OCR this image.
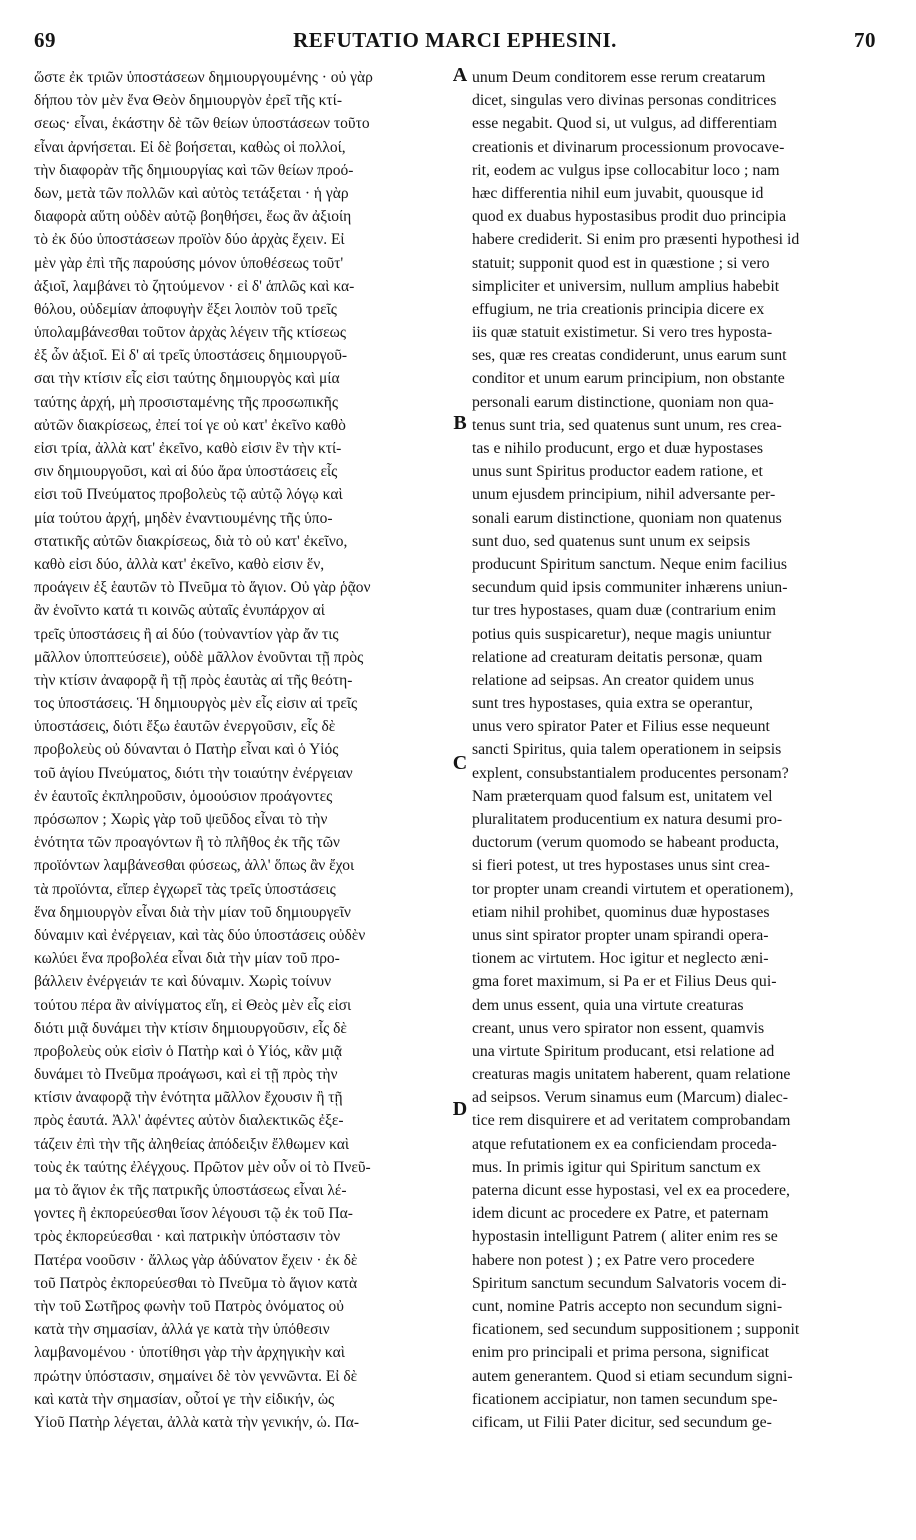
69	REFUTATIO MARCI EPHESINI.	70
ὥστε ἐκ τριῶν ὑποστάσεων δημιουργουμένης · οὐ γὰρ
δήπου τὸν μὲν ἕνα Θεὸν δημιουργὸν ἐρεῖ τῆς κτί-
σεως· εἶναι, ἑκάστην δὲ τῶν θείων ὑποστάσεων τοῦτο
εἶναι ἀρνήσεται. Εἰ δὲ βοήσεται, καθὼς οἱ πολλοί,
τὴν διαφορὰν τῆς δημιουργίας καὶ τῶν θείων προό-
δων, μετὰ τῶν πολλῶν καὶ αὐτὸς τετάξεται · ἡ γὰρ
διαφορὰ αὕτη οὐδὲν αὐτῷ βοηθήσει, ἕως ἂν ἀξιοίη
τὸ ἐκ δύο ὑποστάσεων προϊὸν δύο ἀρχὰς ἔχειν. Εἰ
μὲν γὰρ ἐπὶ τῆς παρούσης μόνον ὑποθέσεως τοῦτ'
ἀξιοῖ, λαμβάνει τὸ ζητούμενον · εἰ δ' ἁπλῶς καὶ κα-
θόλου, οὐδεμίαν ἀποφυγὴν ἕξει λοιπὸν τοῦ τρεῖς
ὑπολαμβάνεσθαι τοῦτον ἀρχὰς λέγειν τῆς κτίσεως
ἐξ ὧν ἀξιοῖ. Εἰ δ' αἱ τρεῖς ὑποστάσεις δημιουργοῦ-
σαι τὴν κτίσιν εἷς εἰσι ταύτης δημιουργὸς καὶ μία
ταύτης ἀρχή, μὴ προσισταμένης τῆς προσωπικῆς
αὐτῶν διακρίσεως, ἐπεί τοί γε οὐ κατ' ἐκεῖνο καθὸ
εἰσι τρία, ἀλλὰ κατ' ἐκεῖνο, καθὸ εἰσιν ἓν τὴν κτί-
σιν δημιουργοῦσι, καὶ αἱ δύο ἄρα ὑποστάσεις εἷς
εἰσι τοῦ Πνεύματος προβολεὺς τῷ αὐτῷ λόγῳ καὶ
μία τούτου ἀρχή, μηδὲν ἐναντιουμένης τῆς ὑπο-
στατικῆς αὐτῶν διακρίσεως, διὰ τὸ οὐ κατ' ἐκεῖνο,
καθὸ εἰσι δύο, ἀλλὰ κατ' ἐκεῖνο, καθὸ εἰσιν ἕν,
προάγειν ἐξ ἑαυτῶν τὸ Πνεῦμα τὸ ἅγιον. Οὐ γὰρ ῥᾷον
ἂν ἑνοῖντο κατά τι κοινῶς αὐταῖς ἐνυπάρχον αἱ
τρεῖς ὑποστάσεις ἢ αἱ δύο (τοὐναντίον γὰρ ἄν τις
μᾶλλον ὑποπτεύσειε), οὐδὲ μᾶλλον ἑνοῦνται τῇ πρὸς
τὴν κτίσιν ἀναφορᾷ ἢ τῇ πρὸς ἑαυτὰς αἱ τῆς θεότη-
τος ὑποστάσεις. Ἡ δημιουργὸς μὲν εἷς εἰσιν αἱ τρεῖς
ὑποστάσεις, διότι ἔξω ἑαυτῶν ἐνεργοῦσιν, εἷς δὲ
προβολεὺς οὐ δύνανται ὁ Πατὴρ εἶναι καὶ ὁ Υἱός
τοῦ ἁγίου Πνεύματος, διότι τὴν τοιαύτην ἐνέργειαν
ἐν ἑαυτοῖς ἐκπληροῦσιν, ὁμοούσιον προάγοντες
πρόσωπον ; Χωρὶς γὰρ τοῦ ψεῦδος εἶναι τὸ τὴν
ἑνότητα τῶν προαγόντων ἢ τὸ πλῆθος ἐκ τῆς τῶν
προϊόντων λαμβάνεσθαι φύσεως, ἀλλ' ὅπως ἂν ἔχοι
τὰ προϊόντα, εἴπερ ἐγχωρεῖ τὰς τρεῖς ὑποστάσεις
ἕνα δημιουργὸν εἶναι διὰ τὴν μίαν τοῦ δημιουργεῖν
δύναμιν καὶ ἐνέργειαν, καὶ τὰς δύο ὑποστάσεις οὐδὲν
κωλύει ἕνα προβολέα εἶναι διὰ τὴν μίαν τοῦ προ-
βάλλειν ἐνέργειάν τε καὶ δύναμιν. Χωρὶς τοίνυν
τούτου πέρα ἂν αἰνίγματος εἴη, εἰ Θεὸς μὲν εἷς εἰσι
διότι μιᾷ δυνάμει τὴν κτίσιν δημιουργοῦσιν, εἷς δὲ
προβολεὺς οὐκ εἰσὶν ὁ Πατὴρ καὶ ὁ Υἱός, κἂν μιᾷ
δυνάμει τὸ Πνεῦμα προάγωσι, καὶ εἰ τῇ πρὸς τὴν
κτίσιν ἀναφορᾷ τὴν ἑνότητα μᾶλλον ἔχουσιν ἢ τῇ
πρὸς ἑαυτά. Ἀλλ' ἀφέντες αὐτὸν διαλεκτικῶς ἐξε-
τάζειν ἐπὶ τὴν τῆς ἀληθείας ἀπόδειξιν ἔλθωμεν καὶ
τοὺς ἐκ ταύτης ἐλέγχους. Πρῶτον μὲν οὖν οἱ τὸ Πνεῦ-
μα τὸ ἅγιον ἐκ τῆς πατρικῆς ὑποστάσεως εἶναι λέ-
γοντες ἢ ἐκπορεύεσθαι ἴσον λέγουσι τῷ ἐκ τοῦ Πα-
τρὸς ἐκπορεύεσθαι · καὶ πατρικὴν ὑπόστασιν τὸν
Πατέρα νοοῦσιν · ἄλλως γὰρ ἀδύνατον ἔχειν · ἐκ δὲ
τοῦ Πατρὸς ἐκπορεύεσθαι τὸ Πνεῦμα τὸ ἅγιον κατὰ
τὴν τοῦ Σωτῆρος φωνὴν τοῦ Πατρὸς ὀνόματος οὐ
κατὰ τὴν σημασίαν, ἀλλά γε κατὰ τὴν ὑπόθεσιν
λαμβανομένου · ὑποτίθησι γὰρ τὴν ἀρχηγικὴν καὶ
πρώτην ὑπόστασιν, σημαίνει δὲ τὸν γεννῶντα. Εἰ δὲ
καὶ κατὰ τὴν σημασίαν, οὗτοί γε τὴν εἰδικήν, ὡς
Υἱοῦ Πατὴρ λέγεται, ἀλλὰ κατὰ τὴν γενικήν, ὡ. Πα-
unum Deum conditorem esse rerum creatarum
dicet, singulas vero divinas personas conditrices
esse negabit. Quod si, ut vulgus, ad differentiam
creationis et divinarum processionum provocave-
rit, eodem ac vulgus ipse collocabitur loco ; nam
hæc differentia nihil eum juvabit, quousque id
quod ex duabus hypostasibus prodit duo principia
habere crediderit. Si enim pro præsenti hypothesi id
statuit; supponit quod est in quæstione ; si vero
simpliciter et universim, nullum amplius habebit
effugium, ne tria creationis principia dicere ex
iis quæ statuit existimetur. Si vero tres hyposta-
ses, quæ res creatas condiderunt, unus earum sunt
conditor et unum earum principium, non obstante
personali earum distinctione, quoniam non qua-
tenus sunt tria, sed quatenus sunt unum, res crea-
tas e nihilo producunt, ergo et duæ hypostases
unus sunt Spiritus productor eadem ratione, et
unum ejusdem principium, nihil adversante per-
sonali earum distinctione, quoniam non quatenus
sunt duo, sed quatenus sunt unum ex seipsis
producunt Spiritum sanctum. Neque enim facilius
secundum quid ipsis communiter inhærens uniun-
tur tres hypostases, quam duæ (contrarium enim
potius quis suspicaretur), neque magis uniuntur
relatione ad creaturam deitatis personæ, quam
relatione ad seipsas. An creator quidem unus
sunt tres hypostases, quia extra se operantur,
unus vero spirator Pater et Filius esse nequeunt
sancti Spiritus, quia talem operationem in seipsis
explent, consubstantialem producentes personam?
Nam præterquam quod falsum est, unitatem vel
pluralitatem producentium ex natura desumi pro-
ductorum (verum quomodo se habeant producta,
si fieri potest, ut tres hypostases unus sint crea-
tor propter unam creandi virtutem et operationem),
etiam nihil prohibet, quominus duæ hypostases
unus sint spirator propter unam spirandi opera-
tionem ac virtutem. Hoc igitur et neglecto æni-
gma foret maximum, si Pa er et Filius Deus qui-
dem unus essent, quia una virtute creaturas
creant, unus vero spirator non essent, quamvis
una virtute Spiritum producant, etsi relatione ad
creaturas magis unitatem haberent, quam relatione
ad seipsos. Verum sinamus eum (Marcum) dialec-
tice rem disquirere et ad veritatem comprobandam
atque refutationem ex ea conficiendam proceda-
mus. In primis igitur qui Spiritum sanctum ex
paterna dicunt esse hypostasi, vel ex ea procedere,
idem dicunt ac procedere ex Patre, et paternam
hypostasin intelligunt Patrem ( aliter enim res se
habere non potest ) ; ex Patre vero procedere
Spiritum sanctum secundum Salvatoris vocem di-
cunt, nomine Patris accepto non secundum signi-
ficationem, sed secundum suppositionem ; supponit
enim pro principali et prima persona, significat
autem generantem. Quod si etiam secundum signi-
ficationem accipiatur, non tamen secundum spe-
cificam, ut Filii Pater dicitur, sed secundum ge-
A
B
C
D
